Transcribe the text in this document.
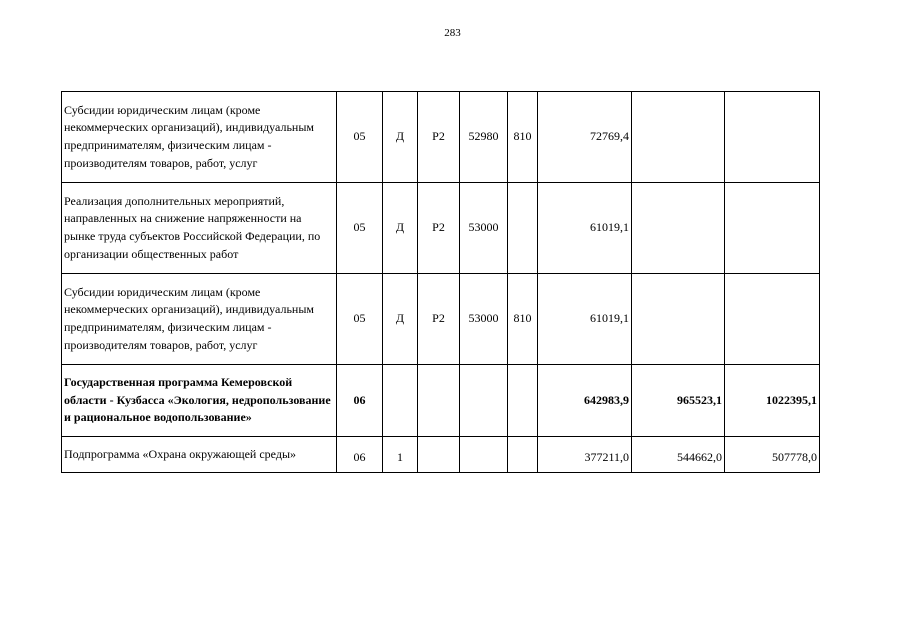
283
Субсидии юридическим лицам (кроме некоммерческих организаций), индивидуальным предпринимателям, физическим лицам - производителям товаров, работ, услуг	05	Д	Р2	52980	810	72769,4		
Реализация дополнительных мероприятий, направленных на снижение напряженности на рынке труда субъектов Российской Федерации, по организации общественных работ	05	Д	Р2	53000		61019,1		
Субсидии юридическим лицам (кроме некоммерческих организаций), индивидуальным предпринимателям, физическим лицам - производителям товаров, работ, услуг	05	Д	Р2	53000	810	61019,1		
Государственная программа Кемеровской области - Кузбасса «Экология, недропользование и рациональное водопользование»	06					642983,9	965523,1	1022395,1
Подпрограмма «Охрана окружающей среды»	06	1				377211,0	544662,0	507778,0
